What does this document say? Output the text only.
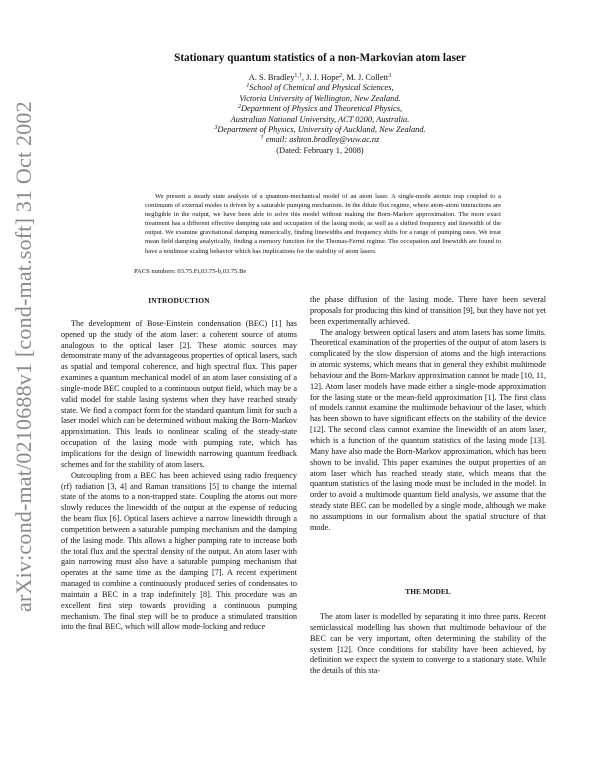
arXiv:cond-mat/0210688v1 [cond-mat.soft] 31 Oct 2002
Stationary quantum statistics of a non-Markovian atom laser
A. S. Bradley$^{1,\dagger}$, J. J. Hope$^2$, M. J. Collett$^3$
$^1$School of Chemical and Physical Sciences,
Victoria University of Wellington, New Zealand.
$^2$Department of Physics and Theoretical Physics,
Australian National University, ACT 0200, Australia.
$^3$Department of Physics, University of Auckland, New Zealand.
† email: ashton.bradley@vuw.ac.nz
(Dated: February 1, 2008)
We present a steady state analysis of a quantum-mechanical model of an atom laser. A single-mode atomic trap coupled to a continuum of external modes is driven by a saturable pumping mechanism. In the dilute flux regime, where atom-atom interactions are negligible in the output, we have been able to solve this model without making the Born-Markov approximation. The more exact treatment has a different effective damping rate and occupation of the lasing mode, as well as a shifted frequency and linewidth of the output. We examine gravitational damping numerically, finding linewidths and frequency shifts for a range of pumping rates. We treat mean field damping analytically, finding a memory function for the Thomas-Fermi regime. The occupation and linewidth are found to have a nonlinear scaling behavior which has implications for the stability of atom lasers.
PACS numbers: 03.75.Fi,03.75-b,03.75.Be
INTRODUCTION

The development of Bose-Einstein condensation (BEC) [1] has opened up the study of the atom laser: a coherent source of atoms analogous to the optical laser [2]. These atomic sources may demonstrate many of the advantageous properties of optical lasers, such as spatial and temporal coherence, and high spectral flux. This paper examines a quantum mechanical model of an atom laser consisting of a single-mode BEC coupled to a continuous output field, which may be a valid model for stable lasing systems when they have reached steady state. We find a compact form for the standard quantum limit for such a laser model which can be determined without making the Born-Markov approximation. This leads to nonlinear scaling of the steady-state occupation of the lasing mode with pumping rate, which has implications for the design of linewidth narrowing quantum feedback schemes and for the stability of atom lasers.

Outcoupling from a BEC has been achieved using radio frequency (rf) radiation [3, 4] and Raman transitions [5] to change the internal state of the atoms to a non-trapped state. Coupling the atoms out more slowly reduces the linewidth of the output at the expense of reducing the beam flux [6]. Optical lasers achieve a narrow linewidth through a competition between a saturable pumping mechanism and the damping of the lasing mode. This allows a higher pumping rate to increase both the total flux and the spectral density of the output. An atom laser with gain narrowing must also have a saturable pumping mechanism that operates at the same time as the damping [7]. A recent experiment managed to combine a continuously produced series of condensates to maintain a BEC in a trap indefinitely [8]. This procedure was an excellent first step towards providing a continuous pumping mechanism. The final step will be to produce a stimulated transition into the final BEC, which will allow mode-locking and reduce

the phase diffusion of the lasing mode. There have been several proposals for producing this kind of transition [9], but they have not yet been experimentally achieved.

The analogy between optical lasers and atom lasers has some limits. Theoretical examination of the properties of the output of atom lasers is complicated by the slow dispersion of atoms and the high interactions in atomic systems, which means that in general they exhibit multimode behaviour and the Born-Markov approximation cannot be made [10, 11, 12]. Atom laser models have made either a single-mode approximation for the lasing state or the mean-field approximation [1]. The first class of models cannot examine the multimode behaviour of the laser, which has been shown to have significant effects on the stability of the device [12]. The second class cannot examine the linewidth of an atom laser, which is a function of the quantum statistics of the lasing mode [13]. Many have also made the Born-Markov approximation, which has been shown to be invalid. This paper examines the output properties of an atom laser which has reached steady state, which means that the quantum statistics of the lasing mode must be included in the model. In order to avoid a multimode quantum field analysis, we assume that the steady state BEC can be modelled by a single mode, although we make no assumptions in our formalism about the spatial structure of that mode.

THE MODEL

The atom laser is modelled by separating it into three parts. Recent semiclassical modelling has shown that multimode behaviour of the BEC can be very important, often determining the stability of the system [12]. Once conditions for stability have been achieved, by definition we expect the system to converge to a stationary state. While the details of this sta-
